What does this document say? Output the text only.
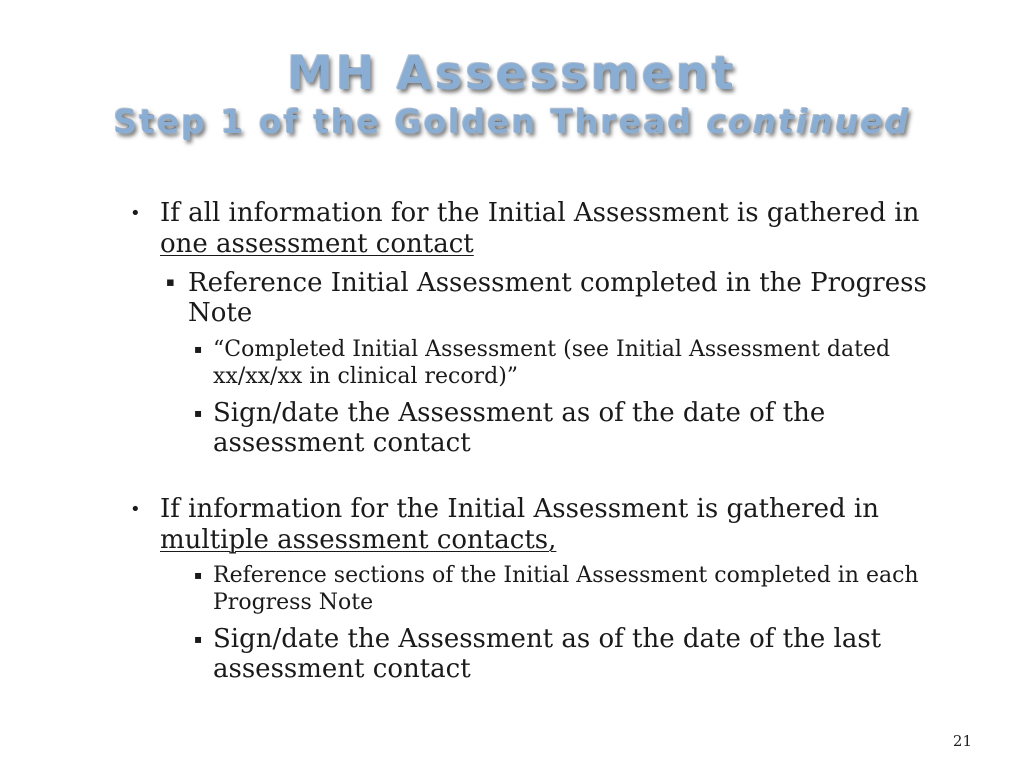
MH Assessment
Step 1 of the Golden Thread continued
• If all information for the Initial Assessment is gathered in one assessment contact
▪ Reference Initial Assessment completed in the Progress Note
▪ “Completed Initial Assessment (see Initial Assessment dated xx/xx/xx in clinical record)”
▪ Sign/date the Assessment as of the date of the assessment contact
• If information for the Initial Assessment is gathered in multiple assessment contacts,
▪ Reference sections of the Initial Assessment completed in each Progress Note
▪ Sign/date the Assessment as of the date of the last assessment contact
21
